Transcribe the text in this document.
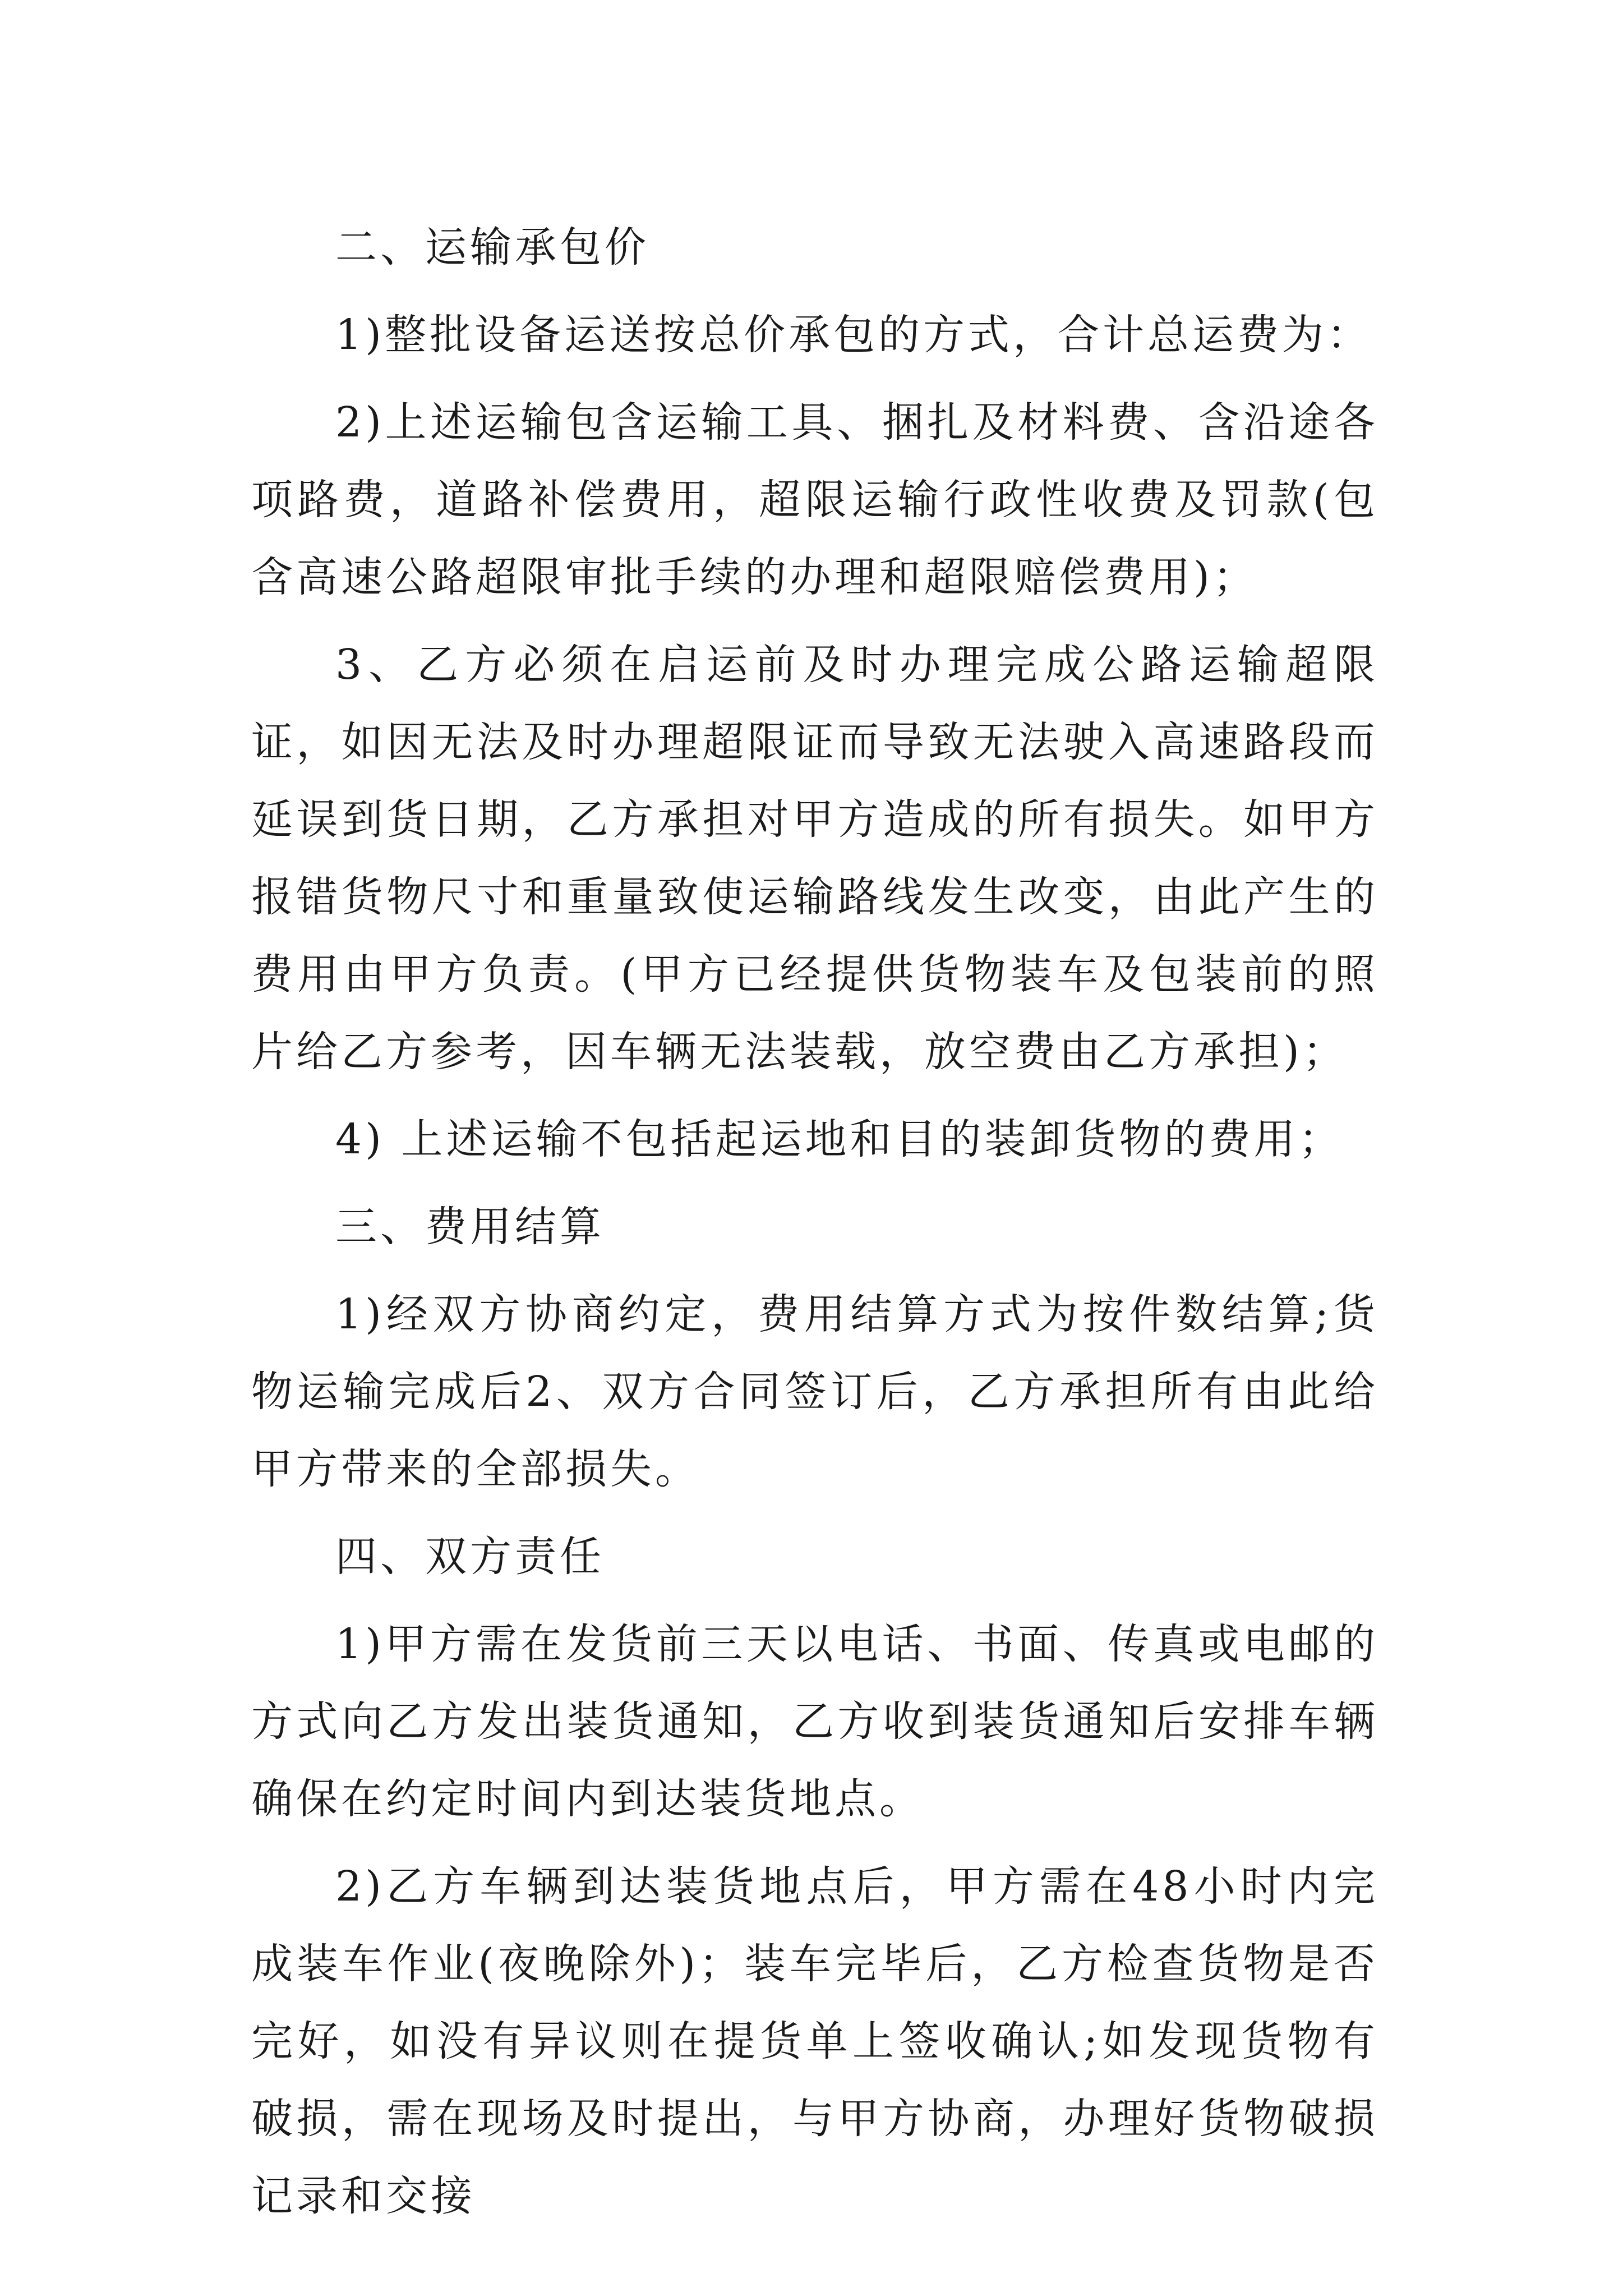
二、运输承包价

1)整批设备运送按总价承包的方式，合计总运费为：

2)上述运输包含运输工具、捆扎及材料费、含沿途各项路费，道路补偿费用，超限运输行政性收费及罚款(包含高速公路超限审批手续的办理和超限赔偿费用)；

3、乙方必须在启运前及时办理完成公路运输超限证，如因无法及时办理超限证而导致无法驶入高速路段而延误到货日期，乙方承担对甲方造成的所有损失。如甲方报错货物尺寸和重量致使运输路线发生改变，由此产生的费用由甲方负责。(甲方已经提供货物装车及包装前的照片给乙方参考，因车辆无法装载，放空费由乙方承担)；

4) 上述运输不包括起运地和目的装卸货物的费用；

三、费用结算

1)经双方协商约定，费用结算方式为按件数结算;货物运输完成后2、双方合同签订后，乙方承担所有由此给甲方带来的全部损失。

四、双方责任

1)甲方需在发货前三天以电话、书面、传真或电邮的方式向乙方发出装货通知，乙方收到装货通知后安排车辆确保在约定时间内到达装货地点。

2)乙方车辆到达装货地点后，甲方需在48小时内完成装车作业(夜晚除外)；装车完毕后，乙方检查货物是否完好，如没有异议则在提货单上签收确认;如发现货物有破损，需在现场及时提出，与甲方协商，办理好货物破损记录和交接
